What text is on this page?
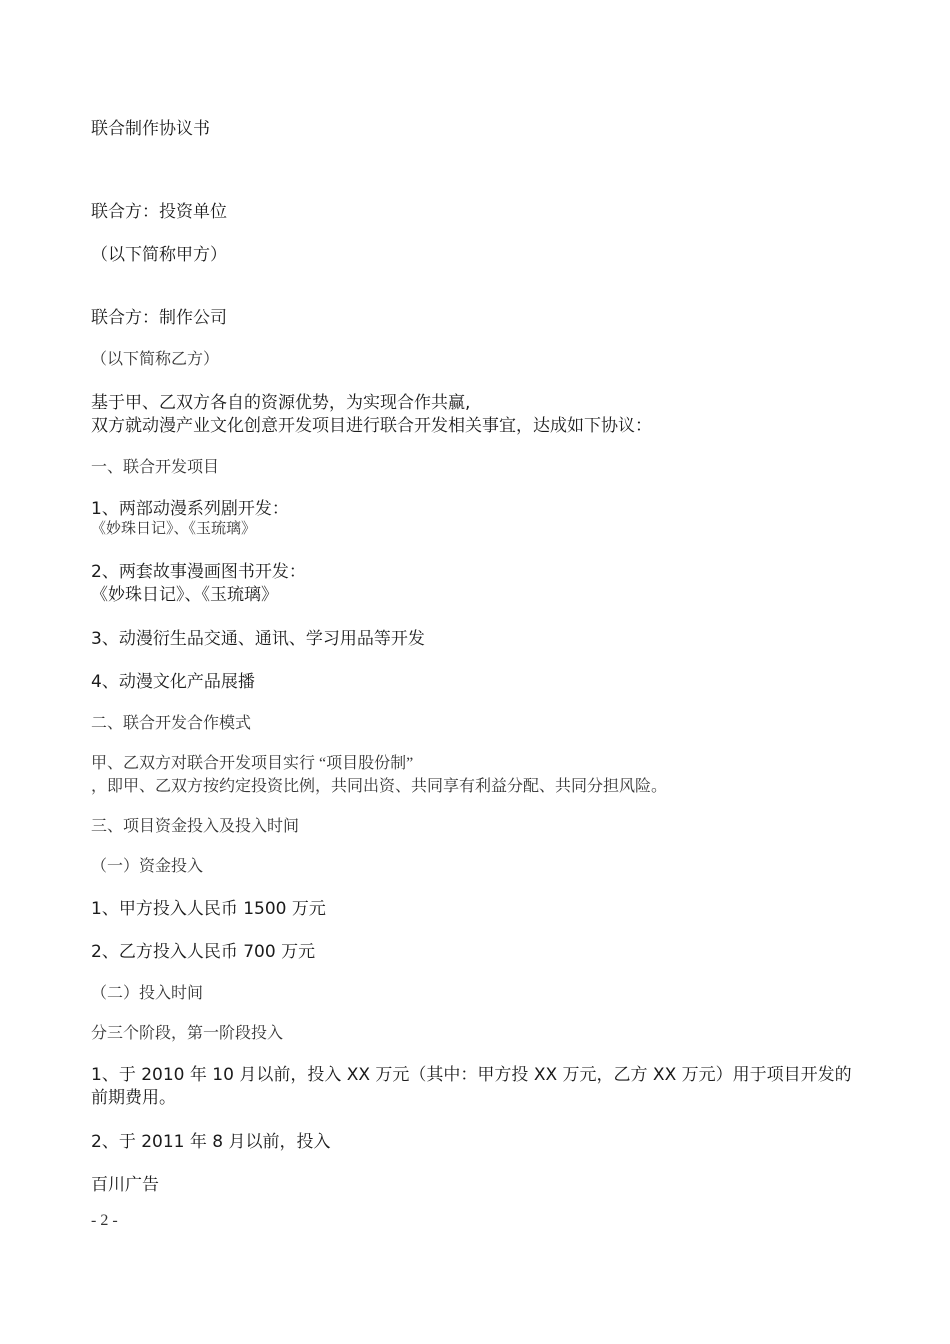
联合制作协议书
联合方：投资单位
（以下简称甲方）
联合方：制作公司
（以下简称乙方）
基于甲、乙双方各自的资源优势，为实现合作共赢,
双方就动漫产业文化创意开发项目进行联合开发相关事宜，达成如下协议：
一、联合开发项目
1、两部动漫系列剧开发：
《妙珠日记》、《玉琉璃》
2、两套故事漫画图书开发：
《妙珠日记》、《玉琉璃》
3、动漫衍生品交通、通讯、学习用品等开发
4、动漫文化产品展播
二、联合开发合作模式
甲、乙双方对联合开发项目实行 “项目股份制”
，即甲、乙双方按约定投资比例，共同出资、共同享有利益分配、共同分担风险。
三、项目资金投入及投入时间
（一）资金投入
1、甲方投入人民币 1500 万元
2、乙方投入人民币 700 万元
（二）投入时间
分三个阶段，第一阶段投入
1、于 2010 年 10 月以前，投入 XX 万元（其中：甲方投 XX 万元，乙方 XX 万元）用于项目开发的
前期费用。
2、于 2011 年 8 月以前，投入
百川广告
- 2 -
